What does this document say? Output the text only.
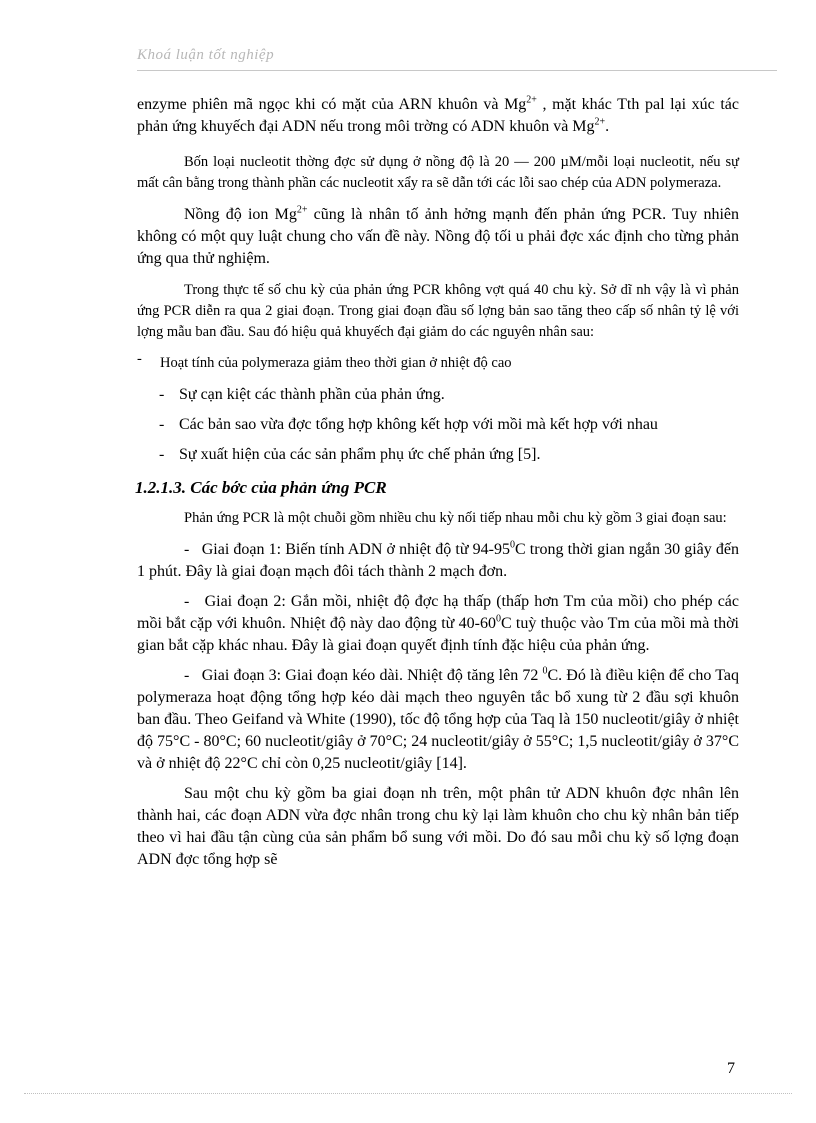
Khoá luận tốt nghiệp

enzyme phiên mã ngọc khi có mặt của ARN khuôn và $Mg^{2+}$ , mặt khác Tth pal lại xúc tác phản ứng khuyếch đại ADN nếu trong môi trờng có ADN khuôn và $Mg^{2+}$.

Bốn loại nucleotit thờng đợc sử dụng ở nồng độ là 20 — 200 µM/mỗi loại nucleotit, nếu sự mất cân bằng trong thành phần các nucleotit xẩy ra sẽ dẫn tới các lỗi sao chép của ADN polymeraza.

Nồng độ ion $Mg^{2+}$ cũng là nhân tố ảnh hởng mạnh đến phản ứng PCR. Tuy nhiên không có một quy luật chung cho vấn đề này. Nồng độ tối u phải đợc xác định cho từng phản ứng qua thử nghiệm.

Trong thực tế số chu kỳ của phản ứng PCR không vợt quá 40 chu kỳ. Sở dĩ nh vậy là vì phản ứng PCR diễn ra qua 2 giai đoạn. Trong giai đoạn đầu số lợng bản sao tăng theo cấp số nhân tỷ lệ với lợng mẫu ban đầu. Sau đó hiệu quả khuyếch đại giảm do các nguyên nhân sau:

- Hoạt tính của polymeraza giảm theo thời gian ở nhiệt độ cao

- Sự cạn kiệt các thành phần của phản ứng.

- Các bản sao vừa đợc tổng hợp không kết hợp với mồi mà kết hợp với nhau

- Sự xuất hiện của các sản phẩm phụ ức chế phản ứng [5].

1.2.1.3. Các bớc của phản ứng PCR

Phản ứng PCR là một chuỗi gồm nhiều chu kỳ nối tiếp nhau mỗi chu kỳ gồm 3 giai đoạn sau:

- Giai đoạn 1: Biến tính ADN ở nhiệt độ từ $94-95^0C$ trong thời gian ngắn 30 giây đến 1 phút. Đây là giai đoạn mạch đôi tách thành 2 mạch đơn.

- Giai đoạn 2: Gắn mồi, nhiệt độ đợc hạ thấp (thấp hơn Tm của mồi) cho phép các mồi bắt cặp với khuôn. Nhiệt độ này dao động từ $40-60^0C$ tuỳ thuộc vào Tm của mồi mà thời gian bắt cặp khác nhau. Đây là giai đoạn quyết định tính đặc hiệu của phản ứng.

- Giai đoạn 3: Giai đoạn kéo dài. Nhiệt độ tăng lên 72 $^0$C. Đó là điều kiện để cho Taq polymeraza hoạt động tổng hợp kéo dài mạch theo nguyên tắc bổ xung từ 2 đầu sợi khuôn ban đầu. Theo Geifand và White (1990), tốc độ tổng hợp của Taq là 150 nucleotit/giây ở nhiệt độ 75°C - 80°C; 60 nucleotit/giây ở 70°C; 24 nucleotit/giây ở 55°C; 1,5 nucleotit/giây ở 37°C và ở nhiệt độ 22°C chỉ còn 0,25 nucleotit/giây [14].

Sau một chu kỳ gồm ba giai đoạn nh trên, một phân tử ADN khuôn đợc nhân lên thành hai, các đoạn ADN vừa đợc nhân trong chu kỳ lại làm khuôn cho chu kỳ nhân bản tiếp theo vì hai đầu tận cùng của sản phẩm bổ sung với mồi. Do đó sau mỗi chu kỳ số lợng đoạn ADN đợc tổng hợp sẽ

7
